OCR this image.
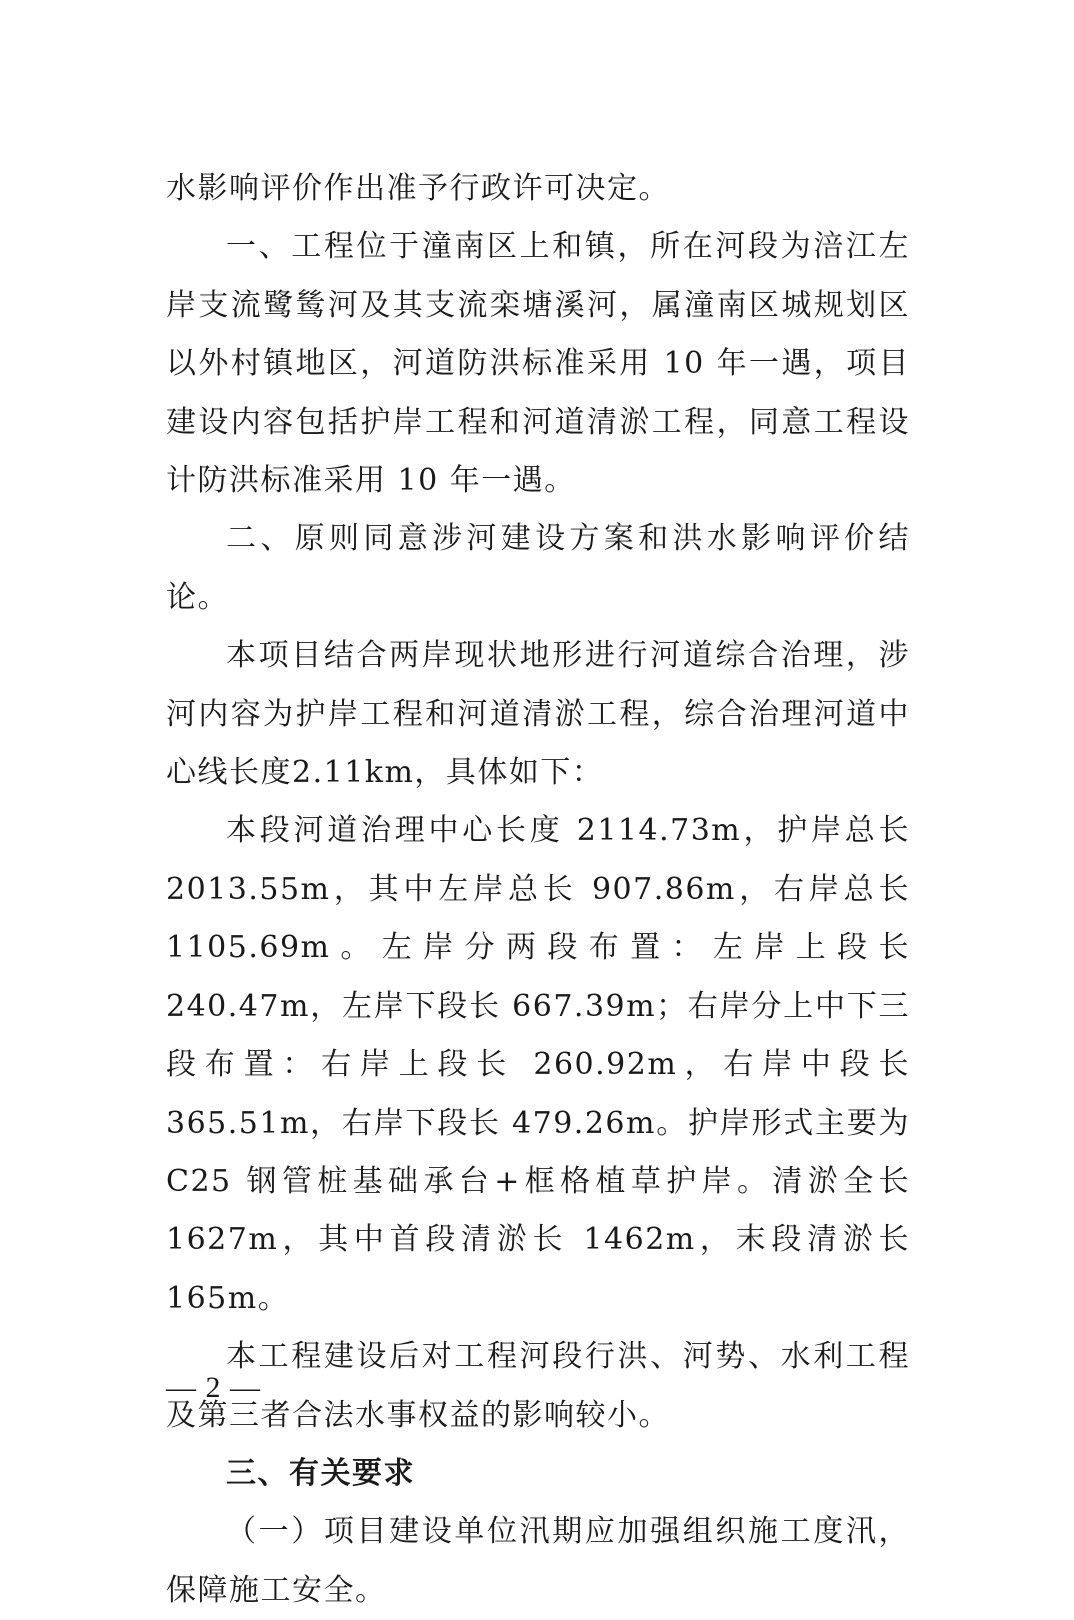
水影响评价作出准予行政许可决定。

一、工程位于潼南区上和镇，所在河段为涪江左岸支流鹭鸶河及其支流栾塘溪河，属潼南区城规划区以外村镇地区，河道防洪标准采用 10 年一遇，项目建设内容包括护岸工程和河道清淤工程，同意工程设计防洪标准采用 10 年一遇。

二、原则同意涉河建设方案和洪水影响评价结论。

本项目结合两岸现状地形进行河道综合治理，涉河内容为护岸工程和河道清淤工程，综合治理河道中心线长度2.11km，具体如下：

本段河道治理中心长度 2114.73m，护岸总长 2013.55m，其中左岸总长 907.86m，右岸总长 1105.69m。左岸分两段布置：左岸上段长 240.47m，左岸下段长 667.39m；右岸分上中下三段布置：右岸上段长 260.92m，右岸中段长 365.51m，右岸下段长 479.26m。护岸形式主要为 C25 钢管桩基础承台+框格植草护岸。清淤全长 1627m，其中首段清淤长 1462m，末段清淤长 165m。

本工程建设后对工程河段行洪、河势、水利工程及第三者合法水事权益的影响较小。

三、有关要求

（一）项目建设单位汛期应加强组织施工度汛，保障施工安全。

— 2 —
